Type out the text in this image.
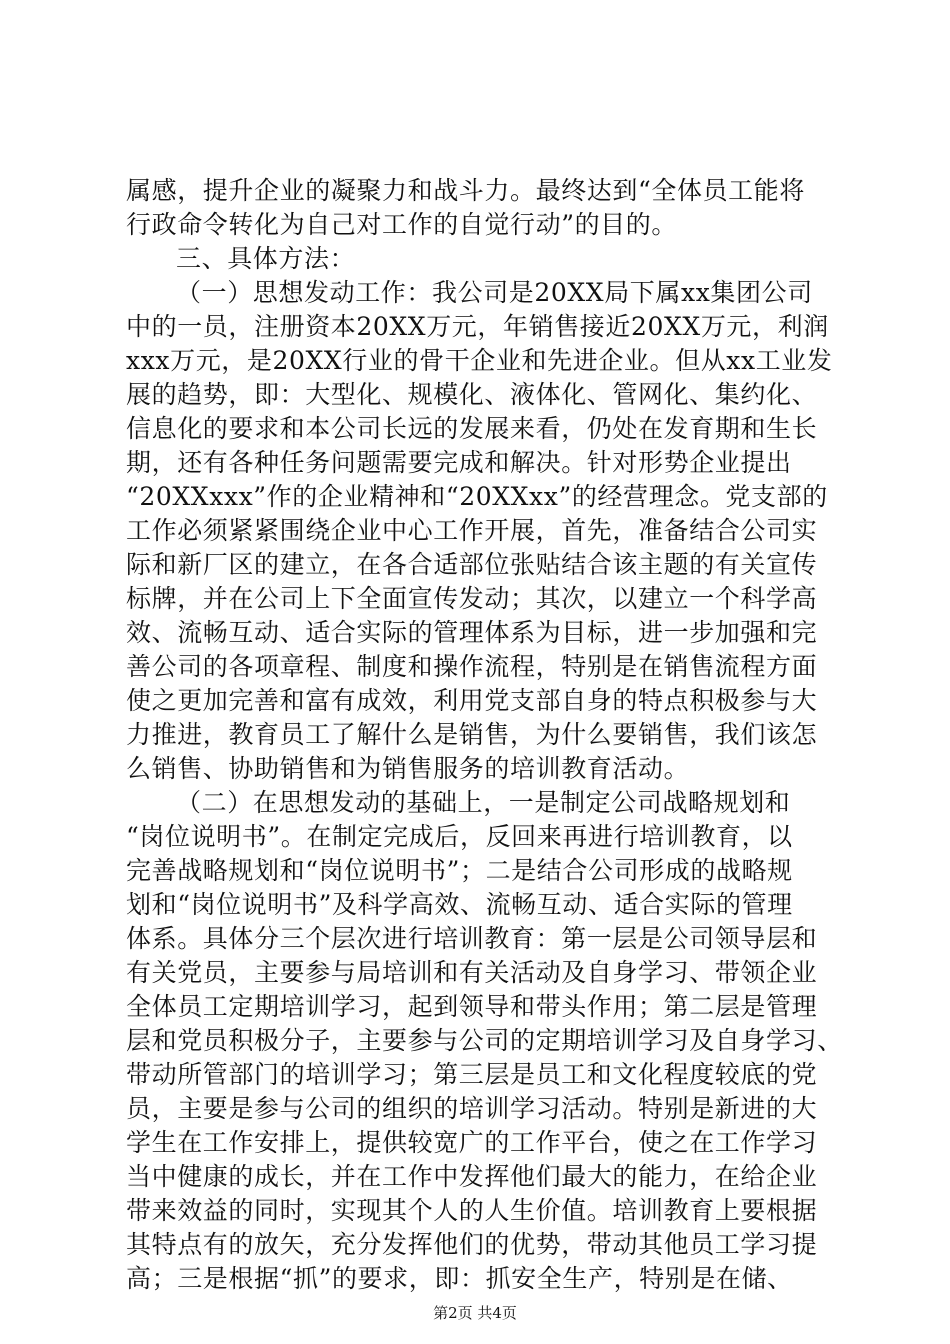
属感，提升企业的凝聚力和战斗力。最终达到“全体员工能将
行政命令转化为自己对工作的自觉行动”的目的。
三、具体方法：
（一）思想发动工作：我公司是20XX局下属xx集团公司
中的一员，注册资本20XX万元，年销售接近20XX万元，利润
xxx万元，是20XX行业的骨干企业和先进企业。但从xx工业发
展的趋势，即：大型化、规模化、液体化、管网化、集约化、
信息化的要求和本公司长远的发展来看，仍处在发育期和生长
期，还有各种任务问题需要完成和解决。针对形势企业提出
“20XXxxx”作的企业精神和“20XXxx”的经营理念。党支部的
工作必须紧紧围绕企业中心工作开展，首先，准备结合公司实
际和新厂区的建立，在各合适部位张贴结合该主题的有关宣传
标牌，并在公司上下全面宣传发动；其次，以建立一个科学高
效、流畅互动、适合实际的管理体系为目标，进一步加强和完
善公司的各项章程、制度和操作流程，特别是在销售流程方面
使之更加完善和富有成效，利用党支部自身的特点积极参与大
力推进，教育员工了解什么是销售，为什么要销售，我们该怎
么销售、协助销售和为销售服务的培训教育活动。
（二）在思想发动的基础上，一是制定公司战略规划和
“岗位说明书”。在制定完成后，反回来再进行培训教育，以
完善战略规划和“岗位说明书”；二是结合公司形成的战略规
划和“岗位说明书”及科学高效、流畅互动、适合实际的管理
体系。具体分三个层次进行培训教育：第一层是公司领导层和
有关党员，主要参与局培训和有关活动及自身学习、带领企业
全体员工定期培训学习，起到领导和带头作用；第二层是管理
层和党员积极分子，主要参与公司的定期培训学习及自身学习、
带动所管部门的培训学习；第三层是员工和文化程度较底的党
员，主要是参与公司的组织的培训学习活动。特别是新进的大
学生在工作安排上，提供较宽广的工作平台，使之在工作学习
当中健康的成长，并在工作中发挥他们最大的能力，在给企业
带来效益的同时，实现其个人的人生价值。培训教育上要根据
其特点有的放矢，充分发挥他们的优势，带动其他员工学习提
高；三是根据“抓”的要求，即：抓安全生产，特别是在储、
第2页 共4页
